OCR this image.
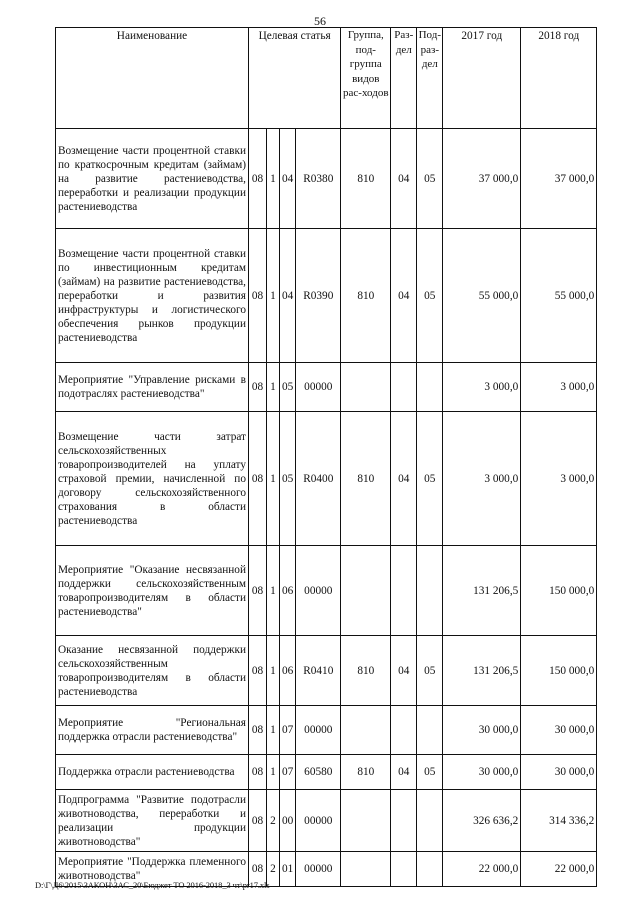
56
Наименование	Целевая статья				Группа, под-группа видов рас-ходов	Раз-дел	Под-раз-дел	2017 год	2018 год
Возмещение части процентной ставки по краткосрочным кредитам (займам) на развитие растениеводства, переработки и реализации продукции растениеводства	08	1	04	R0380	810	04	05	37 000,0	37 000,0
Возмещение части процентной ставки по инвестиционным кредитам (займам) на развитие растениеводства, переработки и развития инфраструктуры и логистического обеспечения рынков продукции растениеводства	08	1	04	R0390	810	04	05	55 000,0	55 000,0
Мероприятие "Управление рисками в подотраслях растениеводства"	08	1	05	00000				3 000,0	3 000,0
Возмещение части затрат сельскохозяйственных товаропроизводителей на уплату страховой премии, начисленной по договору сельскохозяйственного страхования в области растениеводства	08	1	05	R0400	810	04	05	3 000,0	3 000,0
Мероприятие "Оказание несвязанной поддержки сельскохозяйственным товаропроизводителям в области растениеводства"	08	1	06	00000				131 206,5	150 000,0
Оказание несвязанной поддержки сельскохозяйственным товаропроизводителям в области растениеводства	08	1	06	R0410	810	04	05	131 206,5	150 000,0
Мероприятие "Региональная поддержка отрасли растениеводства"	08	1	07	00000				30 000,0	30 000,0
Поддержка отрасли растениеводства	08	1	07	60580	810	04	05	30 000,0	30 000,0
Подпрограмма "Развитие подотрасли животноводства, переработки и реализации продукции животноводства"	08	2	00	00000				326 636,2	314 336,2
Мероприятие "Поддержка племенного животноводства"	08	2	01	00000				22 000,0	22 000,0
D:\Г\Д6\2015\ЗАКОН\ЗАС_20\Бюджет ТО 2016-2018_3 чт\рr17.xls
